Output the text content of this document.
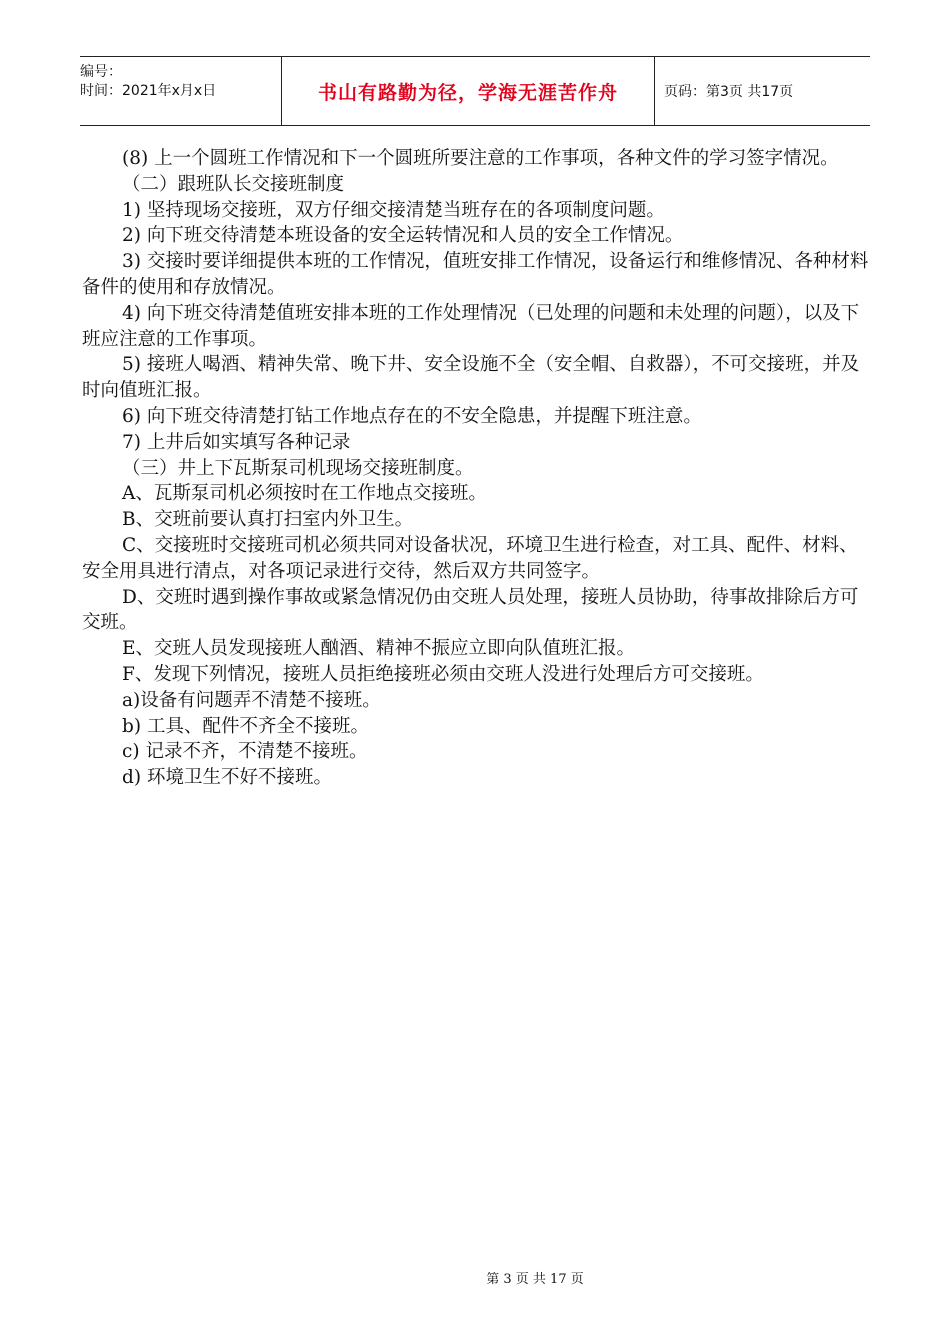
编号：
时间：2021年x月x日	书山有路勤为径，学海无涯苦作舟	页码：第3页 共17页

(8) 上一个圆班工作情况和下一个圆班所要注意的工作事项，各种文件的学习签字情况。

（二）跟班队长交接班制度

1) 坚持现场交接班，双方仔细交接清楚当班存在的各项制度问题。

2) 向下班交待清楚本班设备的安全运转情况和人员的安全工作情况。

3) 交接时要详细提供本班的工作情况，值班安排工作情况，设备运行和维修情况、各种材料备件的使用和存放情况。

4) 向下班交待清楚值班安排本班的工作处理情况（已处理的问题和未处理的问题），以及下班应注意的工作事项。

5) 接班人喝酒、精神失常、晚下井、安全设施不全（安全帽、自救器），不可交接班，并及时向值班汇报。

6) 向下班交待清楚打钻工作地点存在的不安全隐患，并提醒下班注意。

7) 上井后如实填写各种记录

（三）井上下瓦斯泵司机现场交接班制度。

A、瓦斯泵司机必须按时在工作地点交接班。

B、交班前要认真打扫室内外卫生。

C、交接班时交接班司机必须共同对设备状况，环境卫生进行检查，对工具、配件、材料、安全用具进行清点，对各项记录进行交待，然后双方共同签字。

D、交班时遇到操作事故或紧急情况仍由交班人员处理，接班人员协助，待事故排除后方可交班。

E、交班人员发现接班人酗酒、精神不振应立即向队值班汇报。

F、发现下列情况，接班人员拒绝接班必须由交班人没进行处理后方可交接班。

a)设备有问题弄不清楚不接班。

b) 工具、配件不齐全不接班。

c) 记录不齐，不清楚不接班。

d) 环境卫生不好不接班。

第 3 页 共 17 页
